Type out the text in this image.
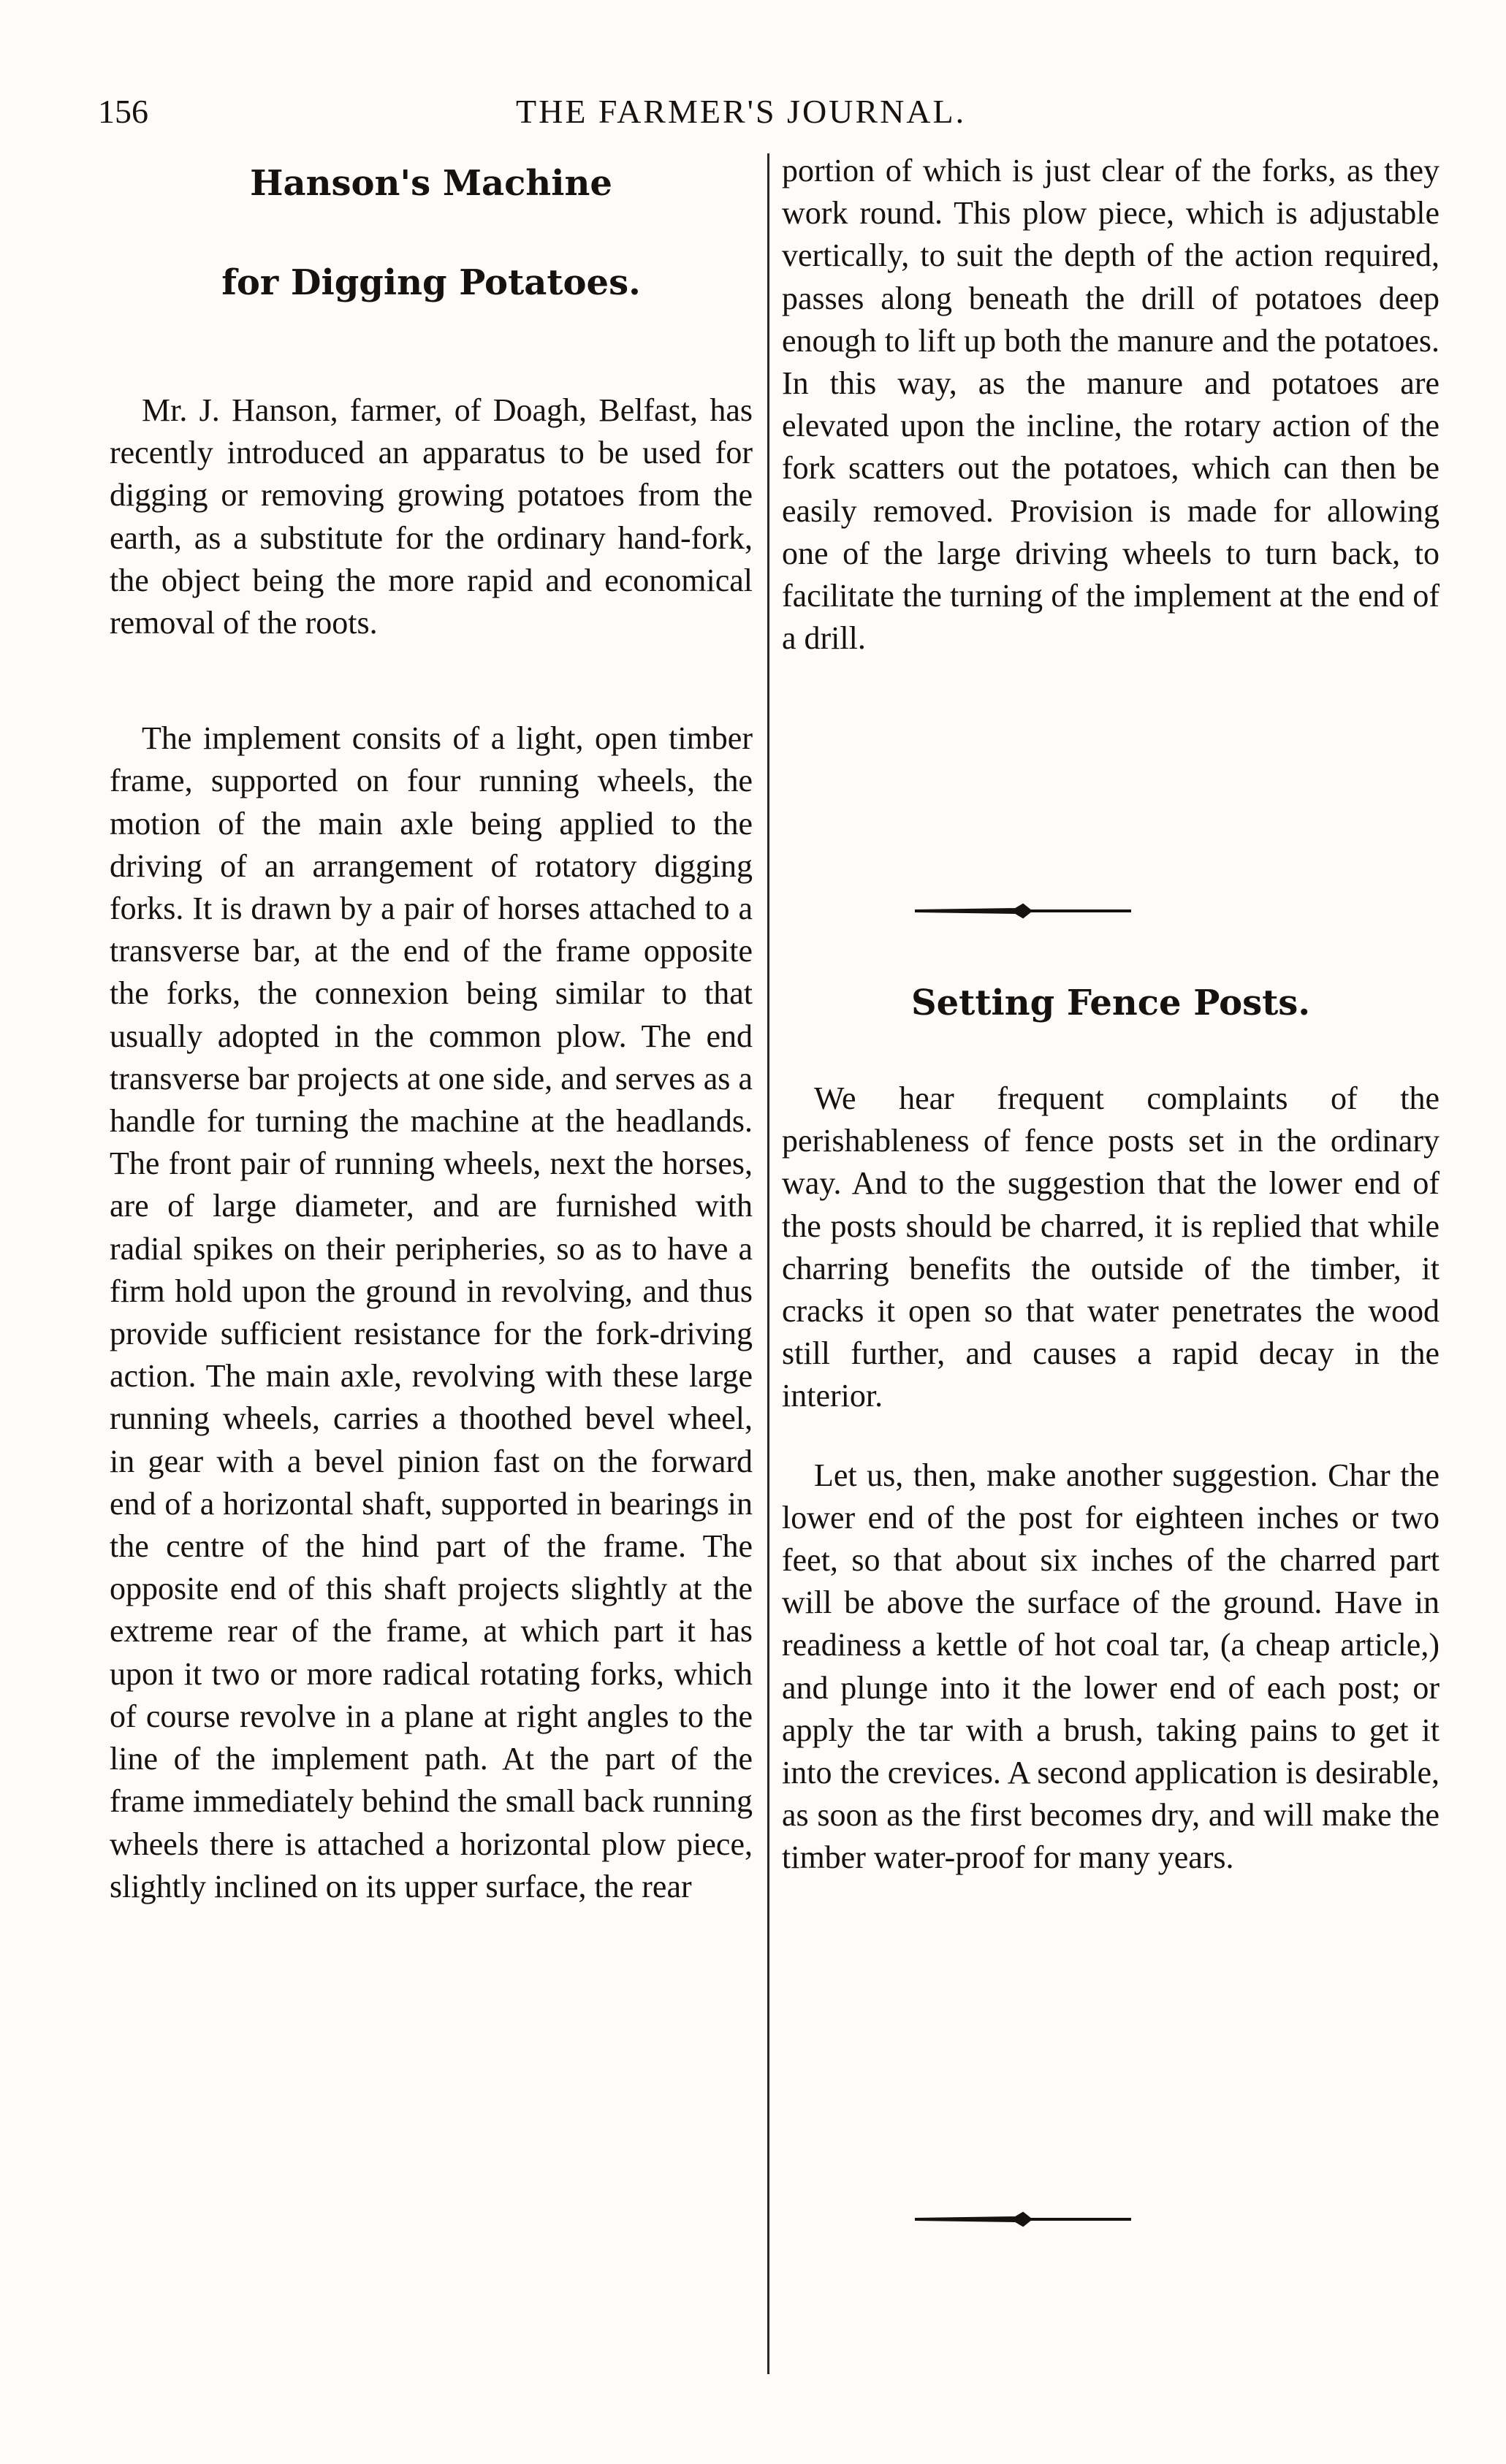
156	THE FARMER'S JOURNAL.
Hanson's Machine
for Digging Potatoes.

Mr. J. Hanson, farmer, of Doagh, Belfast, has recently introduced an apparatus to be used for digging or removing growing potatoes from the earth, as a substitute for the ordinary hand-fork, the object being the more rapid and economical removal of the roots.

The implement consits of a light, open timber frame, supported on four running wheels, the motion of the main axle being applied to the driving of an arrangement of rotatory digging forks. It is drawn by a pair of horses attached to a transverse bar, at the end of the frame opposite the forks, the connexion being similar to that usually adopted in the common plow. The end transverse bar projects at one side, and serves as a handle for turning the machine at the headlands. The front pair of running wheels, next the horses, are of large diameter, and are furnished with radial spikes on their peripheries, so as to have a firm hold upon the ground in revolving, and thus provide sufficient resistance for the fork-driving action. The main axle, revolving with these large running wheels, carries a thoothed bevel wheel, in gear with a bevel pinion fast on the forward end of a horizontal shaft, supported in bearings in the centre of the hind part of the frame. The opposite end of this shaft projects slightly at the extreme rear of the frame, at which part it has upon it two or more radical rotating forks, which of course revolve in a plane at right angles to the line of the implement path. At the part of the frame immediately behind the small back running wheels there is attached a horizontal plow piece, slightly inclined on its upper surface, the rear

portion of which is just clear of the forks, as they work round. This plow piece, which is adjustable vertically, to suit the depth of the action required, passes along beneath the drill of potatoes deep enough to lift up both the manure and the potatoes. In this way, as the manure and potatoes are elevated upon the incline, the rotary action of the fork scatters out the potatoes, which can then be easily removed. Provision is made for allowing one of the large driving wheels to turn back, to facilitate the turning of the implement at the end of a drill.

Setting Fence Posts.

We hear frequent complaints of the perishableness of fence posts set in the ordinary way. And to the suggestion that the lower end of the posts should be charred, it is replied that while charring benefits the outside of the timber, it cracks it open so that water penetrates the wood still further, and causes a rapid decay in the interior.

Let us, then, make another suggestion. Char the lower end of the post for eighteen inches or two feet, so that about six inches of the charred part will be above the surface of the ground. Have in readiness a kettle of hot coal tar, (a cheap article,) and plunge into it the lower end of each post; or apply the tar with a brush, taking pains to get it into the crevices. A second application is desirable, as soon as the first becomes dry, and will make the timber water-proof for many years.
